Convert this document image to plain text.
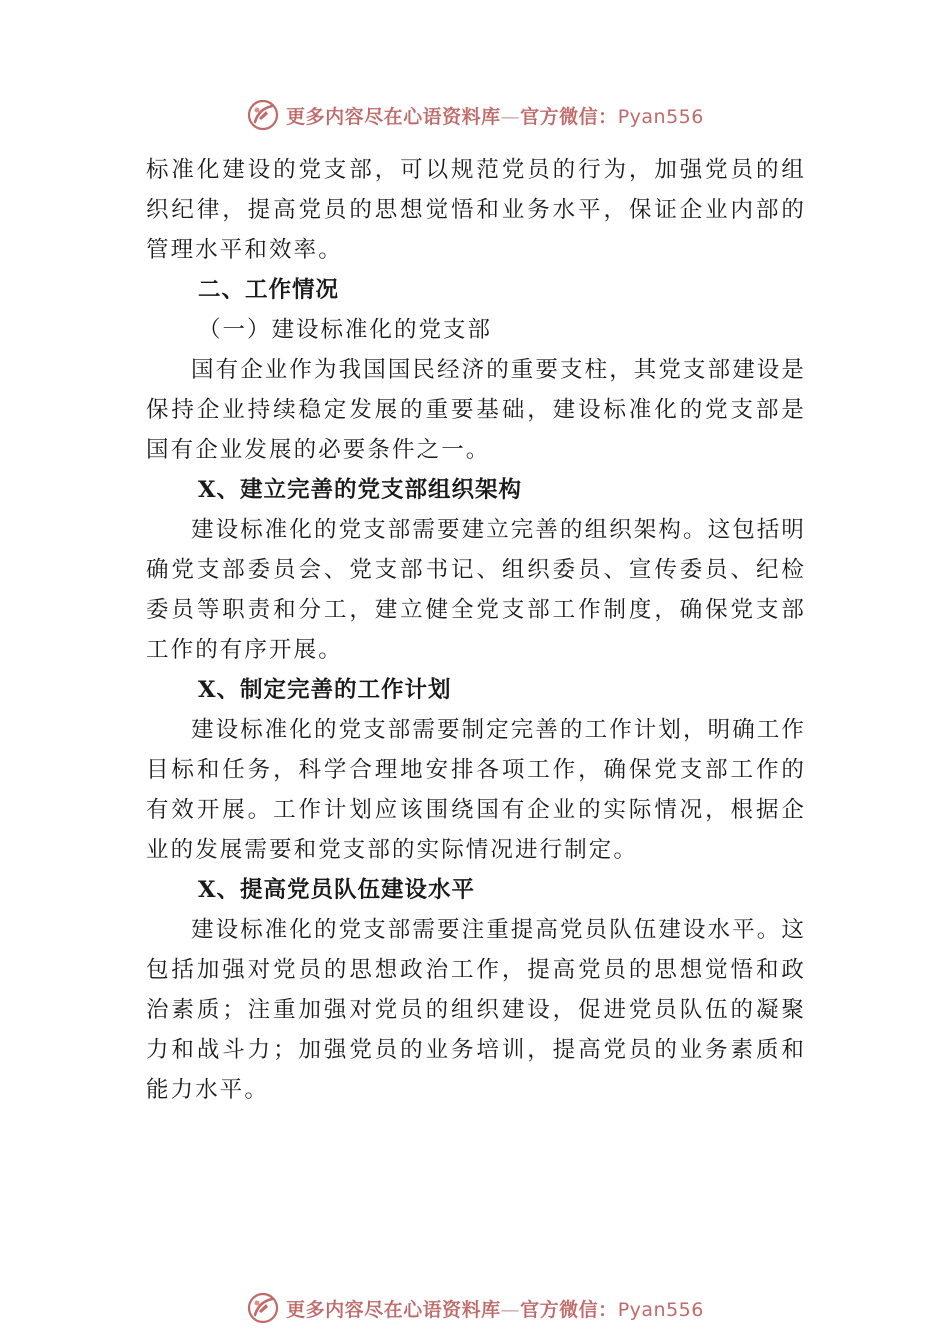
更多内容尽在心语资料库—官方微信：Pyan556

标准化建设的党支部，可以规范党员的行为，加强党员的组织纪律，提高党员的思想觉悟和业务水平，保证企业内部的管理水平和效率。

二、工作情况

（一）建设标准化的党支部

国有企业作为我国国民经济的重要支柱，其党支部建设是保持企业持续稳定发展的重要基础，建设标准化的党支部是国有企业发展的必要条件之一。

X、建立完善的党支部组织架构

建设标准化的党支部需要建立完善的组织架构。这包括明确党支部委员会、党支部书记、组织委员、宣传委员、纪检委员等职责和分工，建立健全党支部工作制度，确保党支部工作的有序开展。

X、制定完善的工作计划

建设标准化的党支部需要制定完善的工作计划，明确工作目标和任务，科学合理地安排各项工作，确保党支部工作的有效开展。工作计划应该围绕国有企业的实际情况，根据企业的发展需要和党支部的实际情况进行制定。

X、提高党员队伍建设水平

建设标准化的党支部需要注重提高党员队伍建设水平。这包括加强对党员的思想政治工作，提高党员的思想觉悟和政治素质；注重加强对党员的组织建设，促进党员队伍的凝聚力和战斗力；加强党员的业务培训，提高党员的业务素质和能力水平。

更多内容尽在心语资料库—官方微信：Pyan556
